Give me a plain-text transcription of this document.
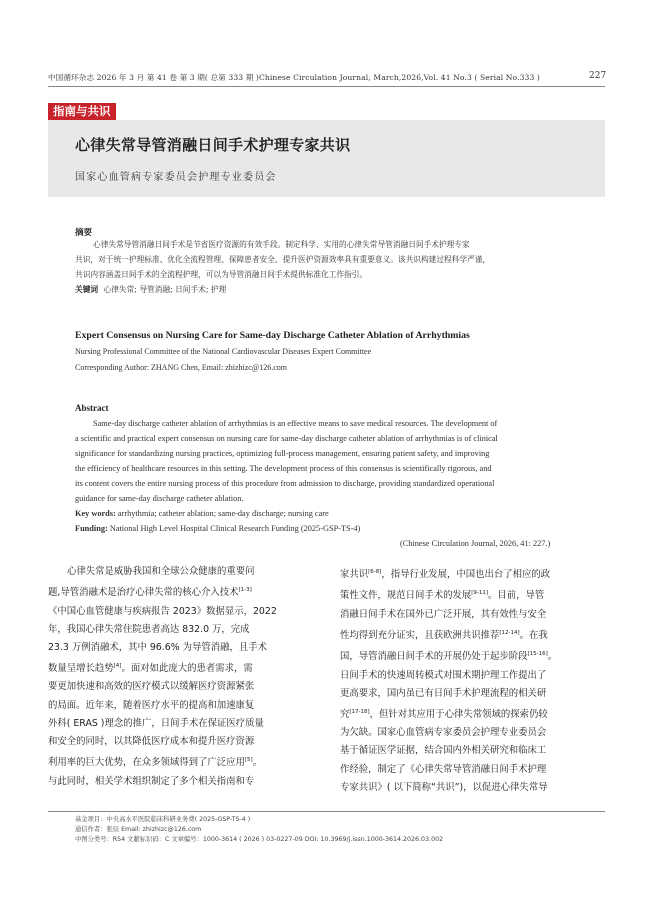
中国循环杂志 2026 年 3 月 第 41 卷 第 3 期( 总第 333 期 )Chinese Circulation Journal, March,2026,Vol. 41 No.3 ( Serial No.333 )	227
指南与共识
心律失常导管消融日间手术护理专家共识
国家心血管病专家委员会护理专业委员会
摘要
心律失常导管消融日间手术是节省医疗资源的有效手段。制定科学、实用的心律失常导管消融日间手术护理专家
共识，对于统一护理标准、优化全流程管理、保障患者安全、提升医护资源效率具有重要意义。该共识构建过程科学严谨，
共识内容涵盖日间手术的全流程护理，可以为导管消融日间手术提供标准化工作指引。
关键词 心律失常; 导管消融; 日间手术; 护理
Expert Consensus on Nursing Care for Same-day Discharge Catheter Ablation of Arrhythmias
Nursing Professional Committee of the National Cardiovascular Diseases Expert Committee
Corresponding Author: ZHANG Chen, Email: zhizhizc@126.com
Abstract
Same-day discharge catheter ablation of arrhythmias is an effective means to save medical resources. The development of
a scientific and practical expert consensus on nursing care for same-day discharge catheter ablation of arrhythmias is of clinical
significance for standardizing nursing practices, optimizing full-process management, ensuring patient safety, and improving
the efficiency of healthcare resources in this setting. The development process of this consensus is scientifically rigorous, and
its content covers the entire nursing process of this procedure from admission to discharge, providing standardized operational
guidance for same-day discharge catheter ablation.
Key words: arrhythmia; catheter ablation; same-day discharge; nursing care
Funding: National High Level Hospital Clinical Research Funding (2025-GSP-TS-4)
(Chinese Circulation Journal, 2026, 41: 227.)
心律失常是威胁我国和全球公众健康的重要问
题,导管消融术是治疗心律失常的核心介入技术[1-3]
《中国心血管健康与疾病报告 2023》数据显示，2022
年，我国心律失常住院患者高达 832.0 万，完成
23.3 万例消融术，其中 96.6% 为导管消融，且手术
数量呈增长趋势[4]。面对如此庞大的患者需求，需
要更加快速和高效的医疗模式以缓解医疗资源紧张
的局面。近年来，随着医疗水平的提高和加速康复
外科( ERAS )理念的推广，日间手术在保证医疗质量
和安全的同时，以其降低医疗成本和提升医疗资源
利用率的巨大优势，在众多领域得到了广泛应用[5]。
与此同时，相关学术组织制定了多个相关指南和专
家共识[6-8]，指导行业发展，中国也出台了相应的政
策性文件，规范日间手术的发展[9-11]。目前，导管
消融日间手术在国外已广泛开展，其有效性与安全
性均得到充分证实，且获欧洲共识推荐[12-14]。在我
国，导管消融日间手术的开展仍处于起步阶段[15-16]。
日间手术的快速周转模式对围术期护理工作提出了
更高要求，国内虽已有日间手术护理流程的相关研
究[17-18]，但针对其应用于心律失常领域的探索仍较
为欠缺。国家心血管病专家委员会护理专业委员会
基于循证医学证据，结合国内外相关研究和临床工
作经验，制定了《心律失常导管消融日间手术护理
专家共识》( 以下简称“共识”)，以促进心律失常导
基金项目：中央高水平医院临床科研业务费( 2025-GSP-TS-4 )
通信作者：张辰 Email: zhizhizc@126.com
中图分类号：R54 文献标识码：C 文章编号：1000-3614 ( 2026 ) 03-0227-09 DOI: 10.3969/j.issn.1000-3614.2026.03.002
